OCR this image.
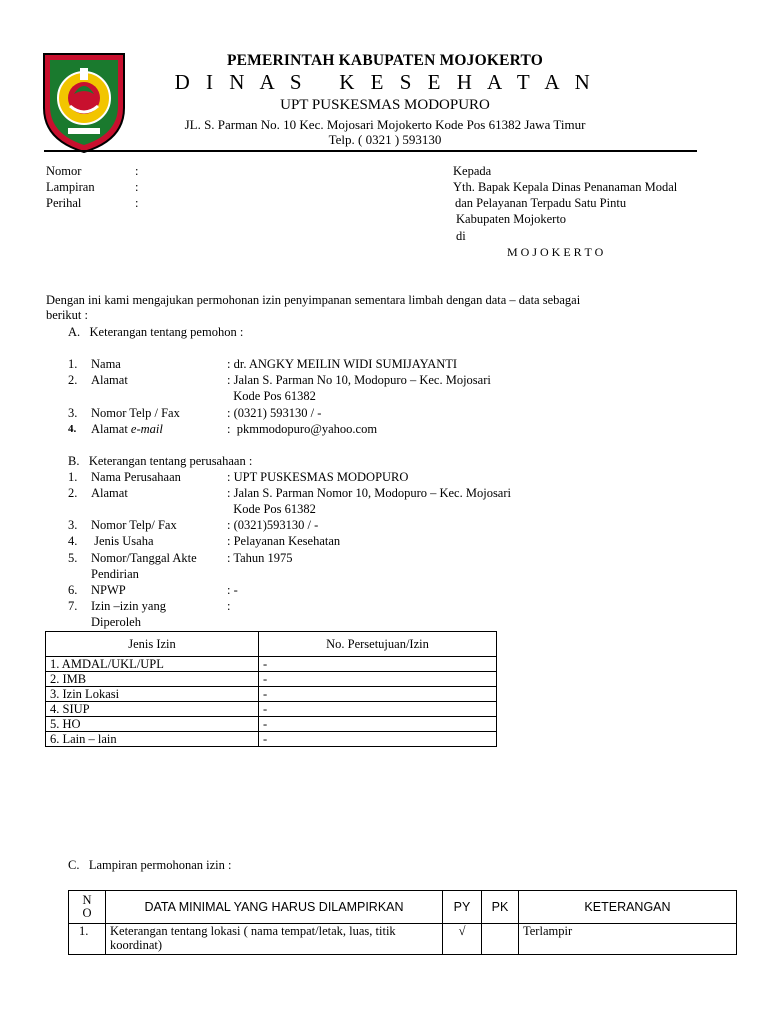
PEMERINTAH KABUPATEN MOJOKERTO
D I N A S   K E S E H A T A N
UPT PUSKESMAS MODOPURO
JL. S. Parman No. 10 Kec. Mojosari Mojokerto Kode Pos 61382 Jawa Timur
Telp. ( 0321 ) 593130
Nomor	:
Lampiran	:
Perihal	:
Kepada
Yth. Bapak Kepala Dinas Penanaman Modal
dan Pelayanan Terpadu Satu Pintu
Kabupaten Mojokerto
di
M O J O K E R T O
Dengan ini kami mengajukan permohonan izin penyimpanan sementara limbah dengan data – data sebagai
berikut :
A.   Keterangan tentang pemohon :
1. Nama	: dr. ANGKY MEILIN WIDI SUMIJAYANTI
2. Alamat	: Jalan S. Parman No 10, Modopuro – Kec. Mojosari
Kode Pos 61382
3. Nomor Telp / Fax	: (0321) 593130 / -
4. Alamat e-mail	:  pkmmodopuro@yahoo.com
B.   Keterangan tentang perusahaan :
1. Nama Perusahaan	: UPT PUSKESMAS MODOPURO
2. Alamat	: Jalan S. Parman Nomor 10, Modopuro – Kec. Mojosari
Kode Pos 61382
3. Nomor Telp/ Fax	: (0321)593130 / -
4. Jenis Usaha	: Pelayanan Kesehatan
5. Nomor/Tanggal Akte
Pendirian
: Tahun 1975
6. NPWP	: -
7. Izin –izin yang
Diperoleh
:
Jenis Izin	No. Persetujuan/Izin
1. AMDAL/UKL/UPL	-
2. IMB	-
3. Izin Lokasi	-
4. SIUP	-
5. HO	-
6. Lain – lain	-
C.   Lampiran permohonan izin :
N
O	DATA MINIMAL YANG HARUS DILAMPIRKAN	PY	PK	KETERANGAN
1.	Keterangan tentang lokasi ( nama tempat/letak, luas, titik koordinat)	√		Terlampir
